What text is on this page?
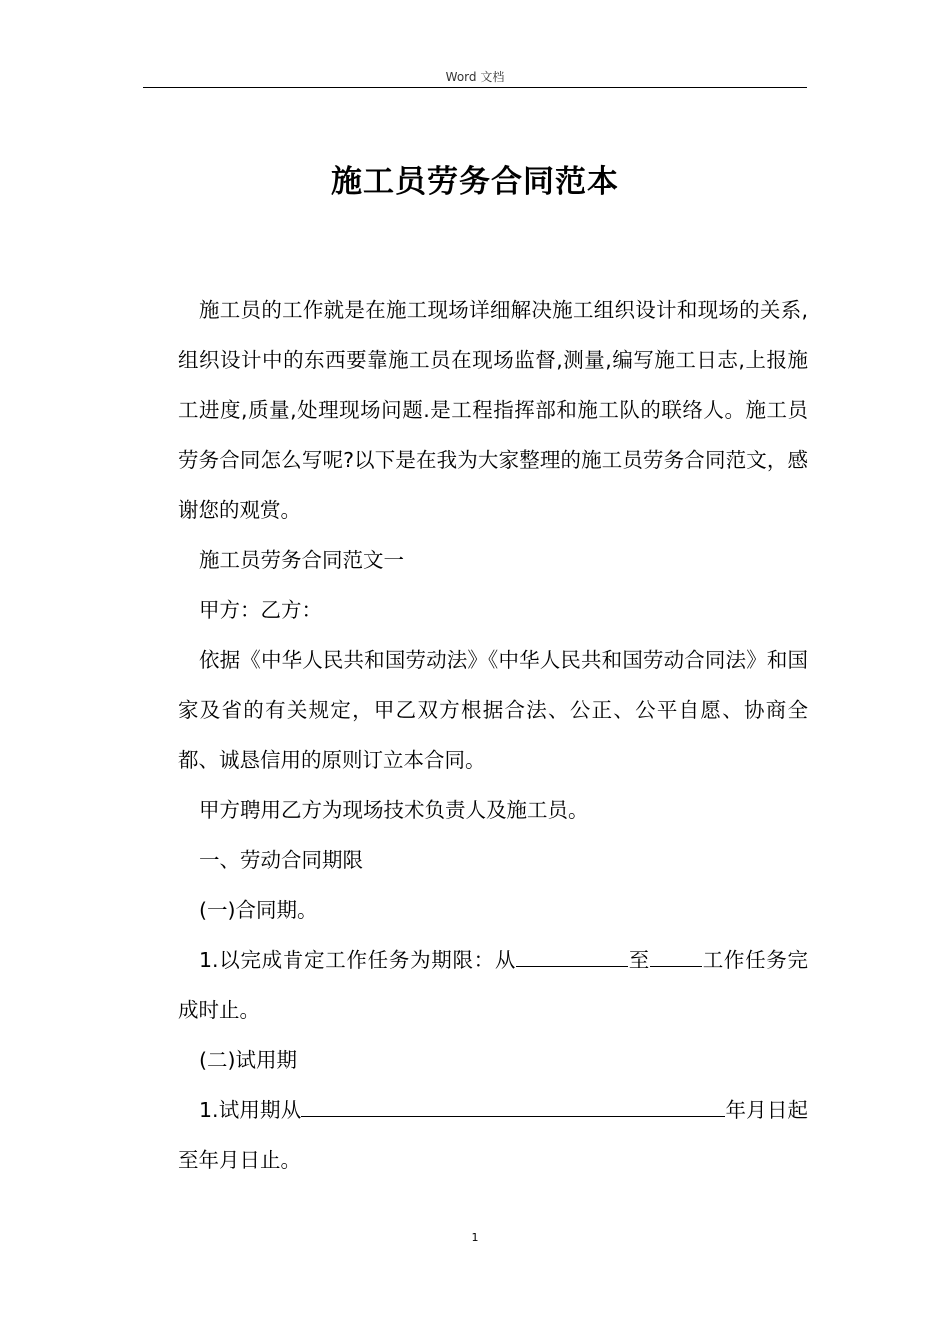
Word 文档
施工员劳务合同范本

施工员的工作就是在施工现场详细解决施工组织设计和现场的关系,组织设计中的东西要靠施工员在现场监督,测量,编写施工日志,上报施工进度,质量,处理现场问题.是工程指挥部和施工队的联络人。施工员劳务合同怎么写呢?以下是在我为大家整理的施工员劳务合同范文，感谢您的观赏。

施工员劳务合同范文一

甲方：乙方：

依据《中华人民共和国劳动法》《中华人民共和国劳动合同法》和国家及省的有关规定，甲乙双方根据合法、公正、公平自愿、协商全都、诚恳信用的原则订立本合同。

甲方聘用乙方为现场技术负责人及施工员。

一、劳动合同期限

(一)合同期。

1.以完成肯定工作任务为期限：从	至	工作任务完成时止。

(二)试用期

1.试用期从	年月日起至年月日止。

1
